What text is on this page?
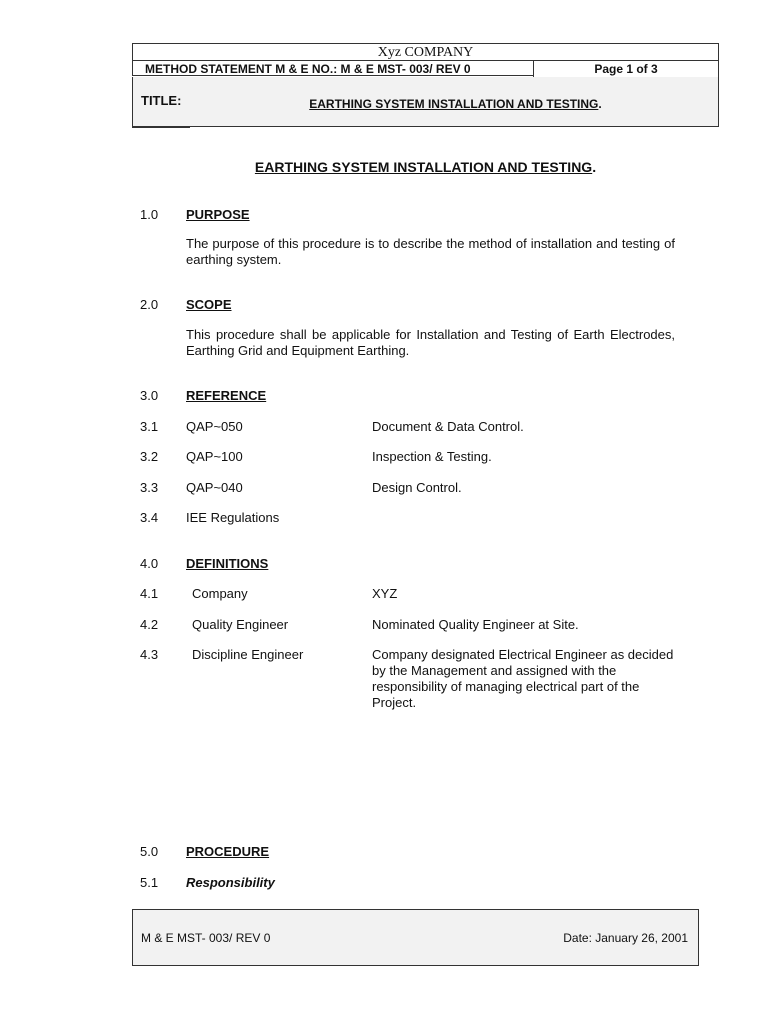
Xyz COMPANY
METHOD STATEMENT M & E NO.: M & E MST- 003/ REV 0	Page 1 of 3
TITLE:	EARTHING SYSTEM INSTALLATION AND TESTING.
EARTHING SYSTEM INSTALLATION AND TESTING.
1.0 PURPOSE
The purpose of this procedure is to describe the method of installation and testing of earthing system.
2.0 SCOPE
This procedure shall be applicable for Installation and Testing of Earth Electrodes, Earthing Grid and Equipment Earthing.
3.0 REFERENCE
3.1 QAP~050	Document & Data Control.
3.2 QAP~100	Inspection & Testing.
3.3 QAP~040	Design Control.
3.4 IEE Regulations
4.0 DEFINITIONS
4.1	Company	XYZ
4.2	Quality Engineer	Nominated Quality Engineer at Site.
4.3	Discipline Engineer	Company designated Electrical Engineer as decided by the Management and assigned with the responsibility of managing electrical part of the Project.
5.0 PROCEDURE
5.1 Responsibility
M & E MST- 003/ REV 0	Date: January 26, 2001
